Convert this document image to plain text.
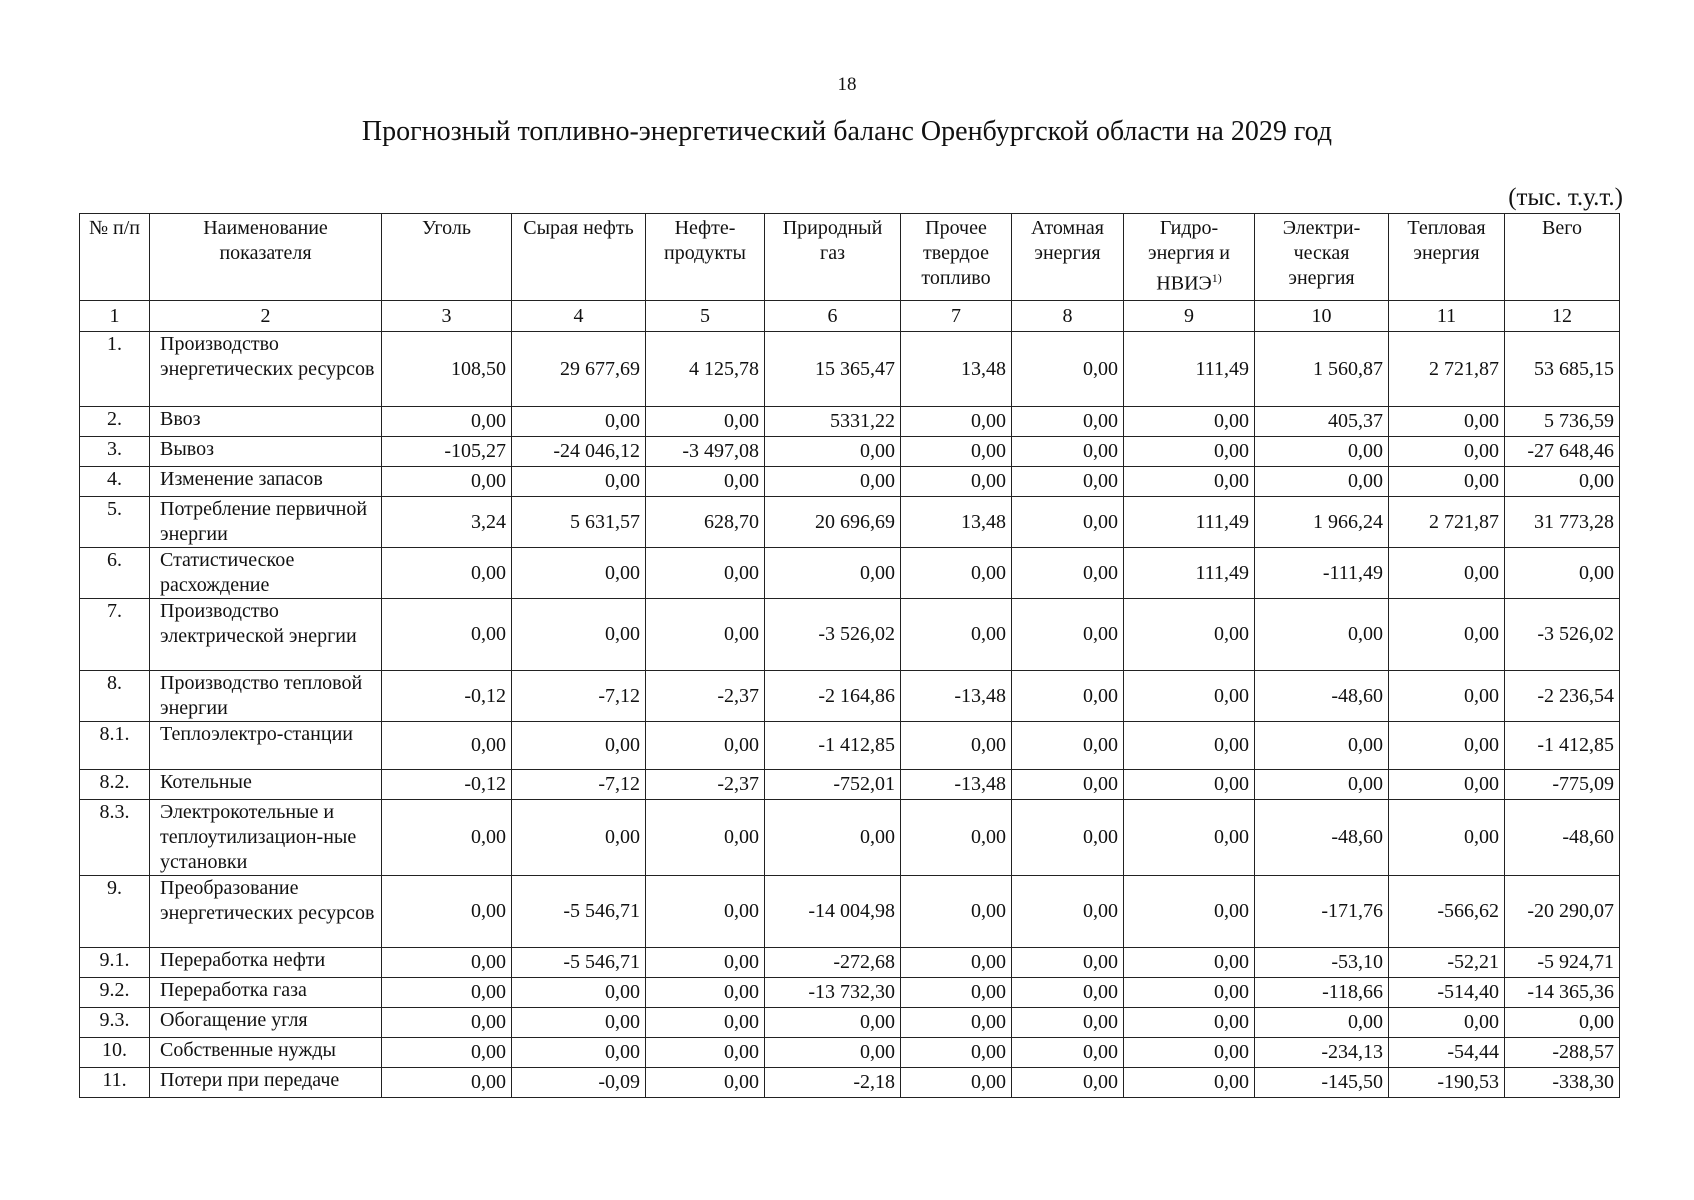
18
Прогнозный топливно-энергетический баланс Оренбургской области на 2029 год
(тыс. т.у.т.)
№ п/п	Наименование показателя	Уголь	Сырая нефть	Нефте-продукты	Природный газ	Прочее твердое топливо	Атомная энергия	Гидро-энергия и НВИЭ$^{1)}$	Электри-ческая энергия	Тепловая энергия	Вего
1	2	3	4	5	6	7	8	9	10	11	12
1.	Производство энергетических ресурсов	108,50	29 677,69	4 125,78	15 365,47	13,48	0,00	111,49	1 560,87	2 721,87	53 685,15
2.	Ввоз	0,00	0,00	0,00	5331,22	0,00	0,00	0,00	405,37	0,00	5 736,59
3.	Вывоз	-105,27	-24 046,12	-3 497,08	0,00	0,00	0,00	0,00	0,00	0,00	-27 648,46
4.	Изменение запасов	0,00	0,00	0,00	0,00	0,00	0,00	0,00	0,00	0,00	0,00
5.	Потребление первичной энергии	3,24	5 631,57	628,70	20 696,69	13,48	0,00	111,49	1 966,24	2 721,87	31 773,28
6.	Статистическое расхождение	0,00	0,00	0,00	0,00	0,00	0,00	111,49	-111,49	0,00	0,00
7.	Производство электрической энергии	0,00	0,00	0,00	-3 526,02	0,00	0,00	0,00	0,00	0,00	-3 526,02
8.	Производство тепловой энергии	-0,12	-7,12	-2,37	-2 164,86	-13,48	0,00	0,00	-48,60	0,00	-2 236,54
8.1.	Теплоэлектро-станции	0,00	0,00	0,00	-1 412,85	0,00	0,00	0,00	0,00	0,00	-1 412,85
8.2.	Котельные	-0,12	-7,12	-2,37	-752,01	-13,48	0,00	0,00	0,00	0,00	-775,09
8.3.	Электрокотельные и теплоутилизацион-ные установки	0,00	0,00	0,00	0,00	0,00	0,00	0,00	-48,60	0,00	-48,60
9.	Преобразование энергетических ресурсов	0,00	-5 546,71	0,00	-14 004,98	0,00	0,00	0,00	-171,76	-566,62	-20 290,07
9.1.	Переработка нефти	0,00	-5 546,71	0,00	-272,68	0,00	0,00	0,00	-53,10	-52,21	-5 924,71
9.2.	Переработка газа	0,00	0,00	0,00	-13 732,30	0,00	0,00	0,00	-118,66	-514,40	-14 365,36
9.3.	Обогащение угля	0,00	0,00	0,00	0,00	0,00	0,00	0,00	0,00	0,00	0,00
10.	Собственные нужды	0,00	0,00	0,00	0,00	0,00	0,00	0,00	-234,13	-54,44	-288,57
11.	Потери при передаче	0,00	-0,09	0,00	-2,18	0,00	0,00	0,00	-145,50	-190,53	-338,30
